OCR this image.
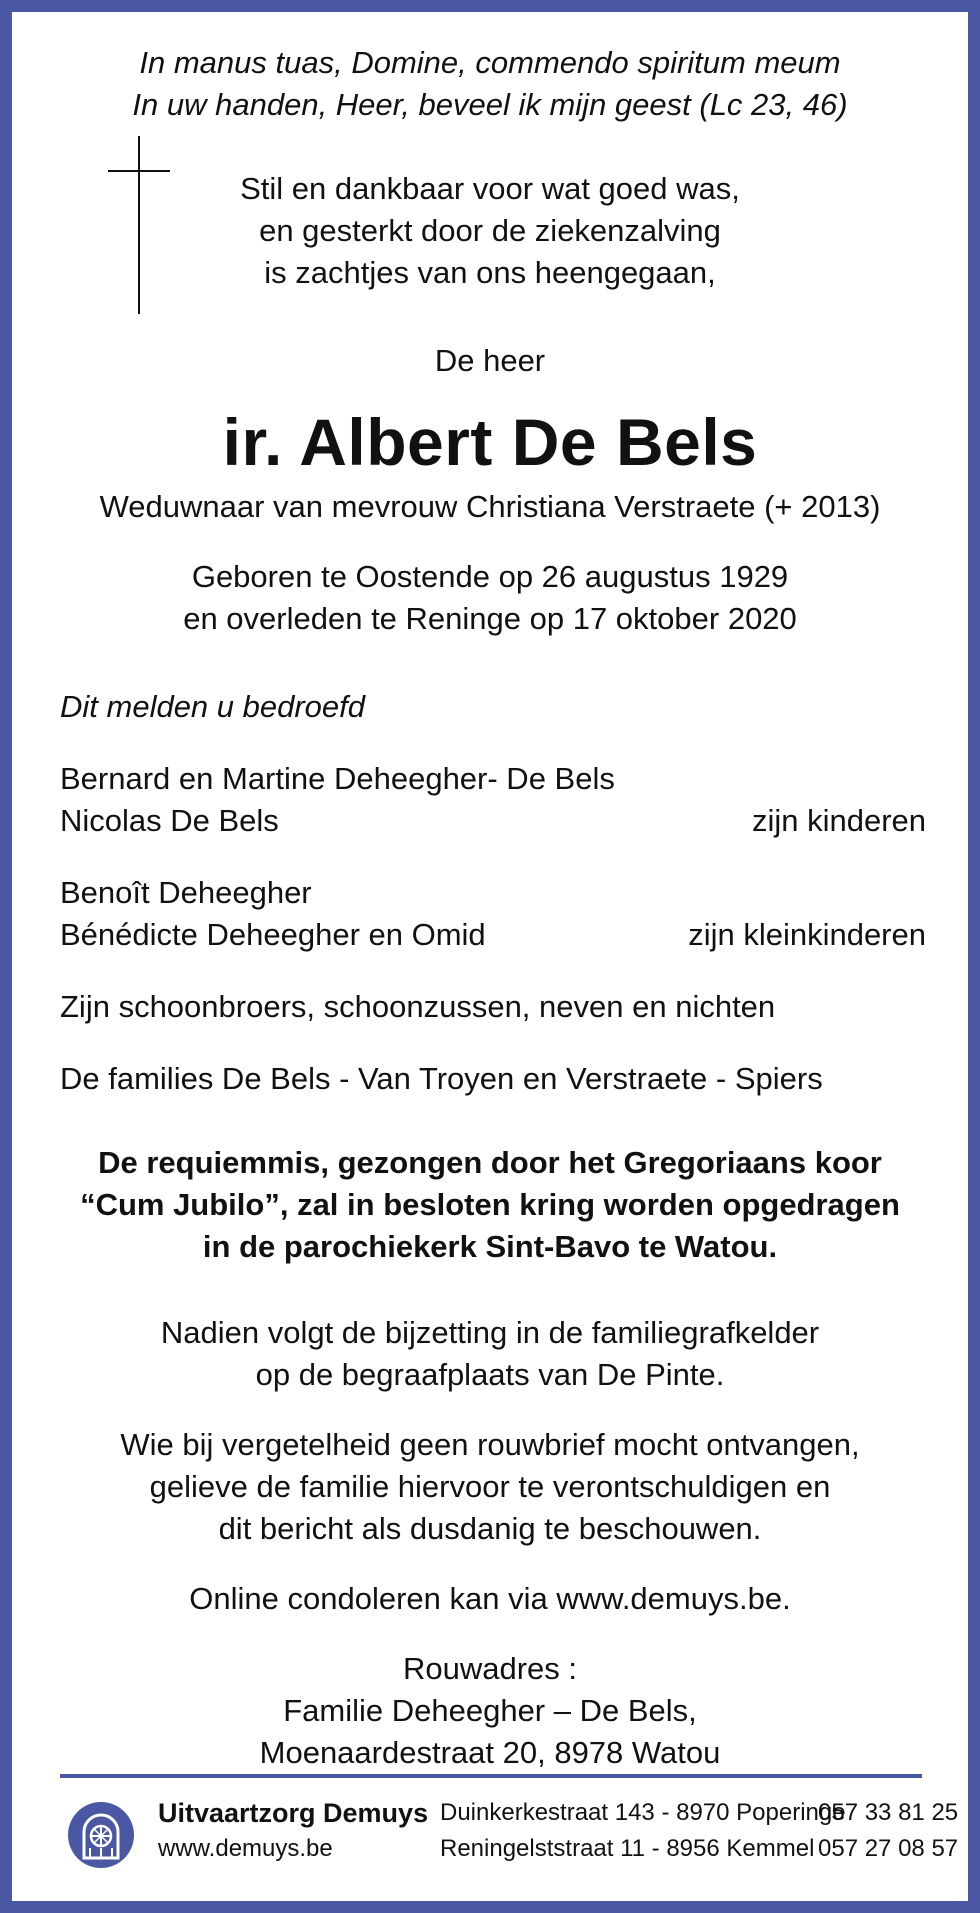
In manus tuas, Domine, commendo spiritum meum
In uw handen, Heer, beveel ik mijn geest (Lc 23, 46)
Stil en dankbaar voor wat goed was,
en gesterkt door de ziekenzalving
is zachtjes van ons heengegaan,
De heer
ir. Albert De Bels
Weduwnaar van mevrouw Christiana Verstraete (+ 2013)
Geboren te Oostende op 26 augustus 1929
en overleden te Reninge op 17 oktober 2020
Dit melden u bedroefd
Bernard en Martine Deheegher- De Bels
Nicolas De Bels	zijn kinderen
Benoît Deheegher
Bénédicte Deheegher en Omid	zijn kleinkinderen
Zijn schoonbroers, schoonzussen, neven en nichten
De families De Bels - Van Troyen en Verstraete - Spiers
De requiemmis, gezongen door het Gregoriaans koor
“Cum Jubilo”, zal in besloten kring worden opgedragen
in de parochiekerk Sint-Bavo te Watou.
Nadien volgt de bijzetting in de familiegrafkelder
op de begraafplaats van De Pinte.
Wie bij vergetelheid geen rouwbrief mocht ontvangen,
gelieve de familie hiervoor te verontschuldigen en
dit bericht als dusdanig te beschouwen.
Online condoleren kan via www.demuys.be.
Rouwadres :
Familie Deheegher – De Bels,
Moenaardestraat 20, 8978 Watou
Uitvaartzorg Demuys
www.demuys.be
Duinkerkestraat 143 - 8970 Poperinge
Reningelststraat 11 - 8956 Kemmel
057 33 81 25
057 27 08 57
